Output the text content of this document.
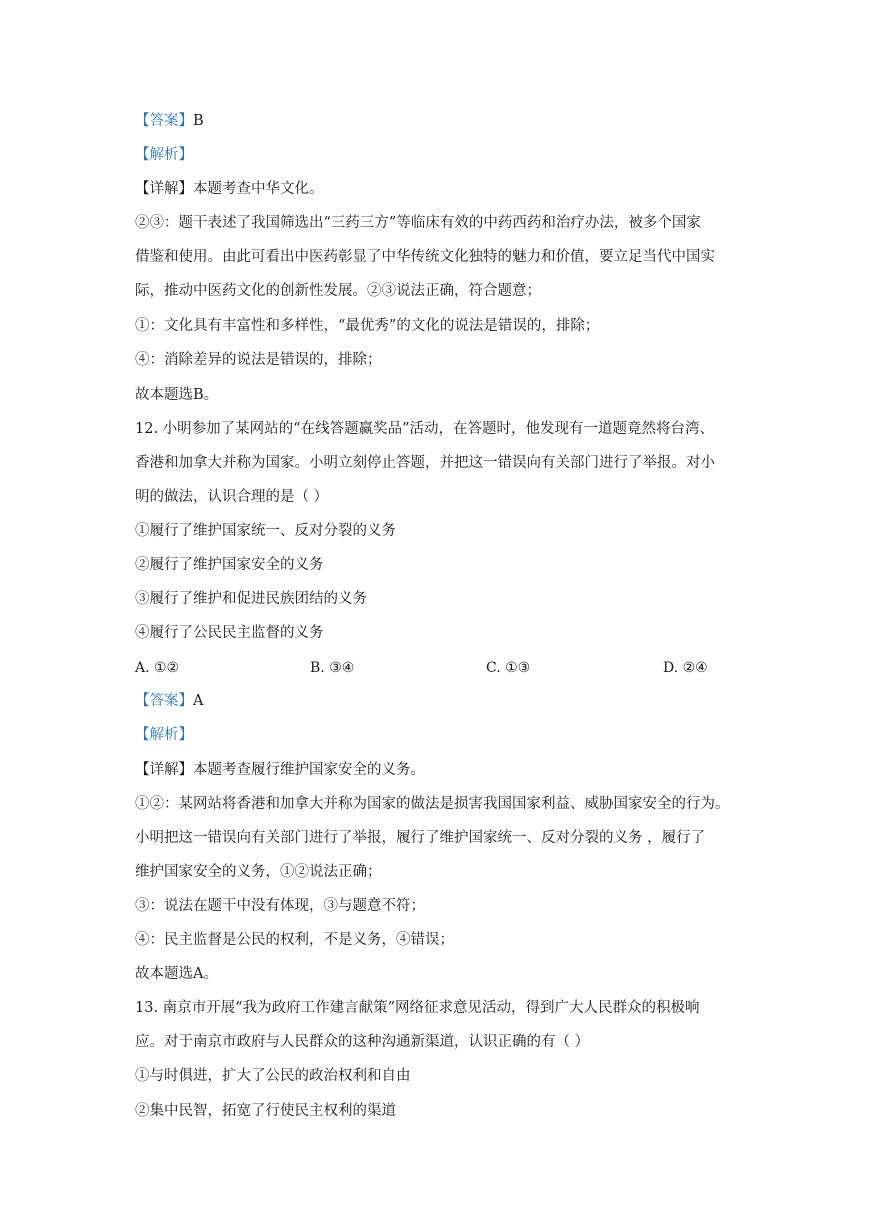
【答案】B
【解析】
【详解】本题考查中华文化。
②③：题干表述了我国筛选出“三药三方”等临床有效的中药西药和治疗办法，被多个国家
借鉴和使用。由此可看出中医药彰显了中华传统文化独特的魅力和价值，要立足当代中国实
际，推动中医药文化的创新性发展。②③说法正确，符合题意；
①：文化具有丰富性和多样性，“最优秀”的文化的说法是错误的，排除；
④：消除差异的说法是错误的，排除；
故本题选B。
12. 小明参加了某网站的“在线答题赢奖品”活动，在答题时，他发现有一道题竟然将台湾、
香港和加拿大并称为国家。小明立刻停止答题，并把这一错误向有关部门进行了举报。对小
明的做法，认识合理的是（ ）
①履行了维护国家统一、反对分裂的义务
②履行了维护国家安全的义务
③履行了维护和促进民族团结的义务
④履行了公民民主监督的义务
A. ①②	B. ③④	C. ①③	D. ②④
【答案】A
【解析】
【详解】本题考查履行维护国家安全的义务。
①②：某网站将香港和加拿大并称为国家的做法是损害我国国家利益、威胁国家安全的行为。
小明把这一错误向有关部门进行了举报，履行了维护国家统一、反对分裂的义务 ，履行了
维护国家安全的义务，①②说法正确；
③：说法在题干中没有体现，③与题意不符；
④：民主监督是公民的权利，不是义务，④错误；
故本题选A。
13. 南京市开展“我为政府工作建言献策”网络征求意见活动，得到广大人民群众的积极响
应。对于南京市政府与人民群众的这种沟通新渠道，认识正确的有（ ）
①与时俱进，扩大了公民的政治权利和自由
②集中民智，拓宽了行使民主权利的渠道
